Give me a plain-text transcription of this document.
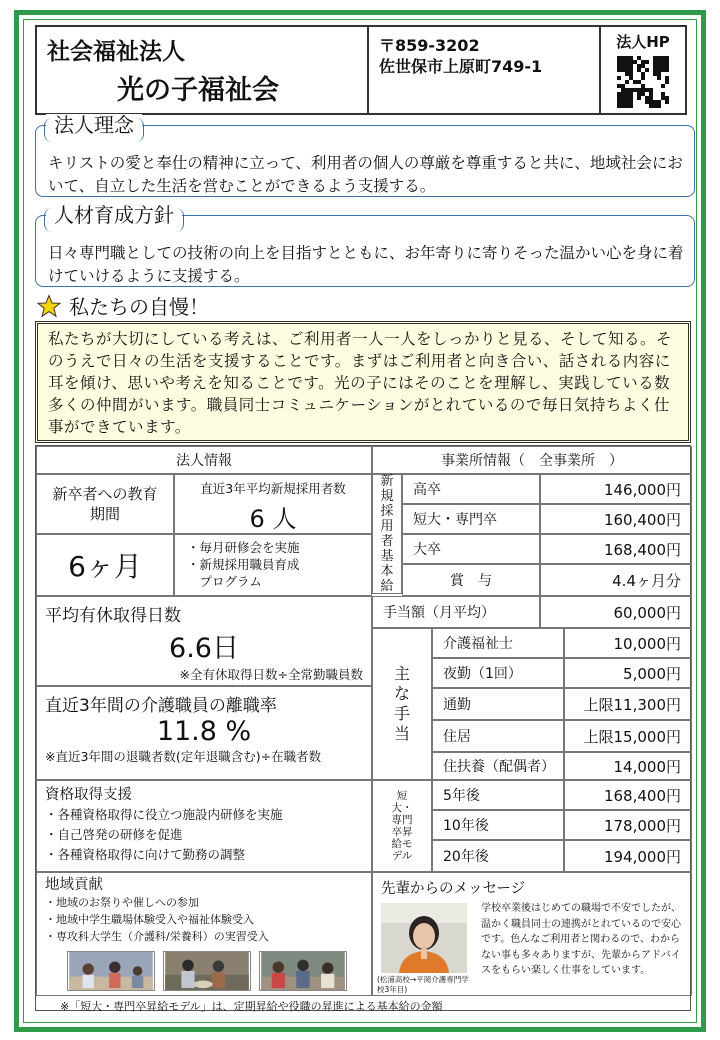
社会福祉法人
光の子福祉会
〒859-3202
佐世保市上原町749-1
法人HP
法人理念
キリストの愛と奉仕の精神に立って、利用者の個人の尊厳を尊重すると共に、地域社会において、自立した生活を営むことができるよう支援する。
人材育成方針
日々専門職としての技術の向上を目指すとともに、お年寄りに寄りそった温かい心を身に着けていけるように支援する。
私たちの自慢！
私たちが大切にしている考えは、ご利用者一人一人をしっかりと見る、そして知る。そのうえで日々の生活を支援することです。まずはご利用者と向き合い、話される内容に耳を傾け、思いや考えを知ることです。光の子にはそのことを理解し、実践している数多くの仲間がいます。職員同士コミュニケーションがとれているので毎日気持ちよく仕事ができています。
法人情報	事業所情報（　全事業所　）
新卒者への教育期間
直近3年平均新規採用者数
6 人
6ヶ月
・毎月研修会を実施
・新規採用職員育成
　プログラム
平均有休取得日数
6.6日
※全有休取得日数÷全常勤職員数
直近3年間の介護職員の離職率
11.8 %
※直近3年間の退職者数(定年退職含む)÷在職者数
資格取得支援
・各種資格取得に役立つ施設内研修を実施
・自己啓発の研修を促進
・各種資格取得に向けて勤務の調整
地域貢献
・地域のお祭りや催しへの参加
・地域中学生職場体験受入や福祉体験受入
・専攻科大学生（介護科/栄養科）の実習受入
新規採用者基本給
高卒	146,000円
短大・専門卒	160,400円
大卒	168,400円
賞　与	4.4ヶ月分
手当額（月平均）	60,000円
主な手当
介護福祉士	10,000円
夜勤（1回）	5,000円
通勤	上限11,300円
住居	上限15,000円
住扶養（配偶者）	14,000円
短大・専門卒昇給モデル
5年後	168,400円
10年後	178,000円
20年後	194,000円
先輩からのメッセージ
(松浦高校→平岡介護専門学校3年目)
学校卒業後はじめての職場で不安でしたが、温かく職員同士の連携がとれているので安心です。色んなご利用者と関わるので、わからない事も多々ありますが、先輩からアドバイスをもらい楽しく仕事をしています。
※「短大・専門卒昇給モデル」は、定期昇給や役職の昇進による基本給の金額
